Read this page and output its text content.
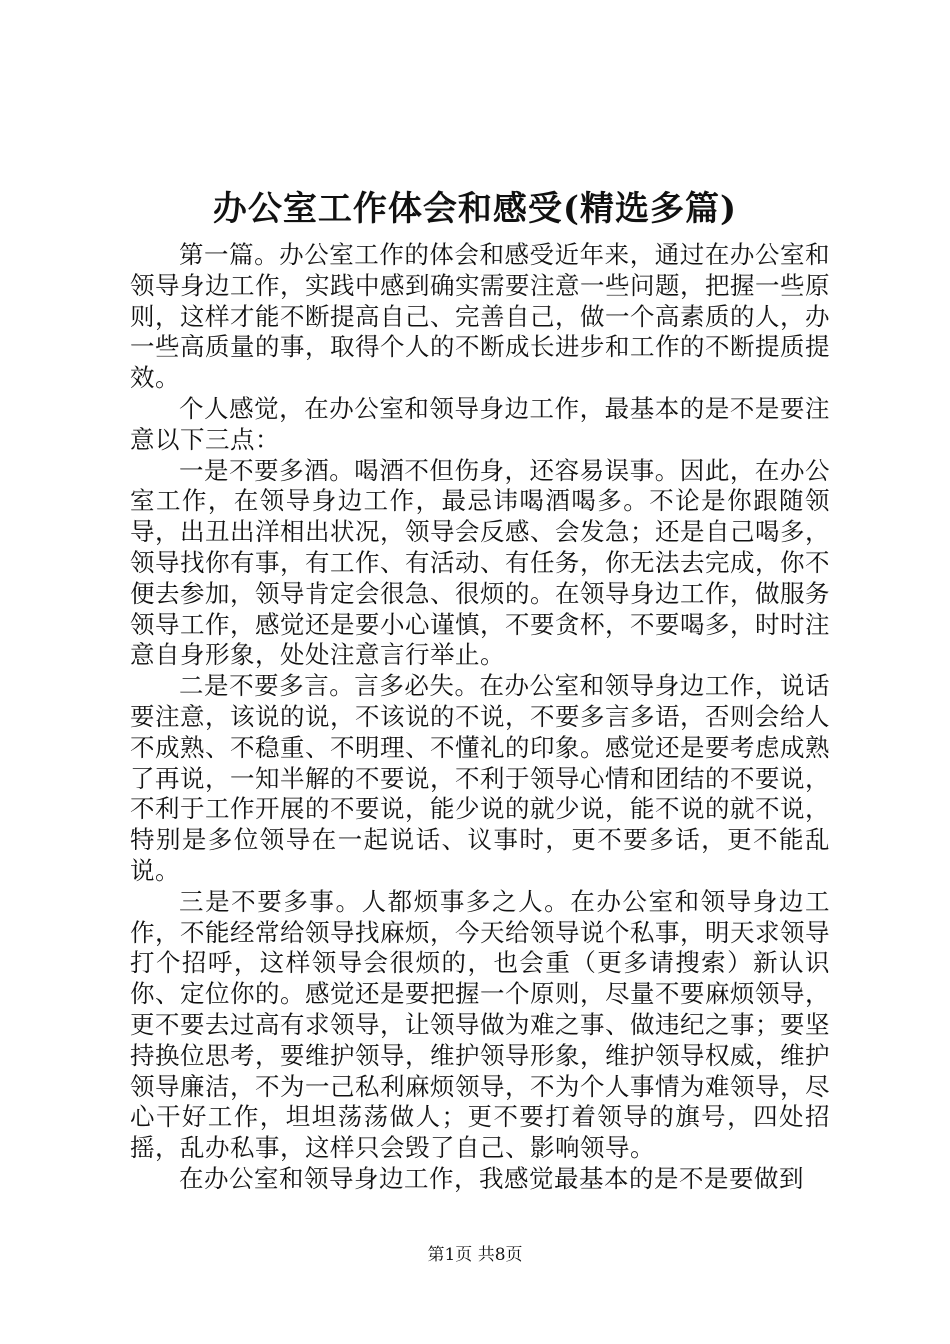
办公室工作体会和感受(精选多篇)

第一篇。办公室工作的体会和感受近年来，通过在办公室和领导身边工作，实践中感到确实需要注意一些问题，把握一些原则，这样才能不断提高自己、完善自己，做一个高素质的人，办一些高质量的事，取得个人的不断成长进步和工作的不断提质提效。

个人感觉，在办公室和领导身边工作，最基本的是不是要注意以下三点：

一是不要多酒。喝酒不但伤身，还容易误事。因此，在办公室工作，在领导身边工作，最忌讳喝酒喝多。不论是你跟随领导，出丑出洋相出状况，领导会反感、会发急；还是自己喝多，领导找你有事，有工作、有活动、有任务，你无法去完成，你不便去参加，领导肯定会很急、很烦的。在领导身边工作，做服务领导工作，感觉还是要小心谨慎，不要贪杯，不要喝多，时时注意自身形象，处处注意言行举止。

二是不要多言。言多必失。在办公室和领导身边工作，说话要注意，该说的说，不该说的不说，不要多言多语，否则会给人不成熟、不稳重、不明理、不懂礼的印象。感觉还是要考虑成熟了再说，一知半解的不要说，不利于领导心情和团结的不要说，不利于工作开展的不要说，能少说的就少说，能不说的就不说，特别是多位领导在一起说话、议事时，更不要多话，更不能乱说。

三是不要多事。人都烦事多之人。在办公室和领导身边工作，不能经常给领导找麻烦，今天给领导说个私事，明天求领导打个招呼，这样领导会很烦的，也会重（更多请搜索）新认识你、定位你的。感觉还是要把握一个原则，尽量不要麻烦领导，更不要去过高有求领导，让领导做为难之事、做违纪之事；要坚持换位思考，要维护领导，维护领导形象，维护领导权威，维护领导廉洁，不为一己私利麻烦领导，不为个人事情为难领导，尽心干好工作，坦坦荡荡做人；更不要打着领导的旗号，四处招摇，乱办私事，这样只会毁了自己、影响领导。

在办公室和领导身边工作，我感觉最基本的是不是要做到

第1页 共8页
